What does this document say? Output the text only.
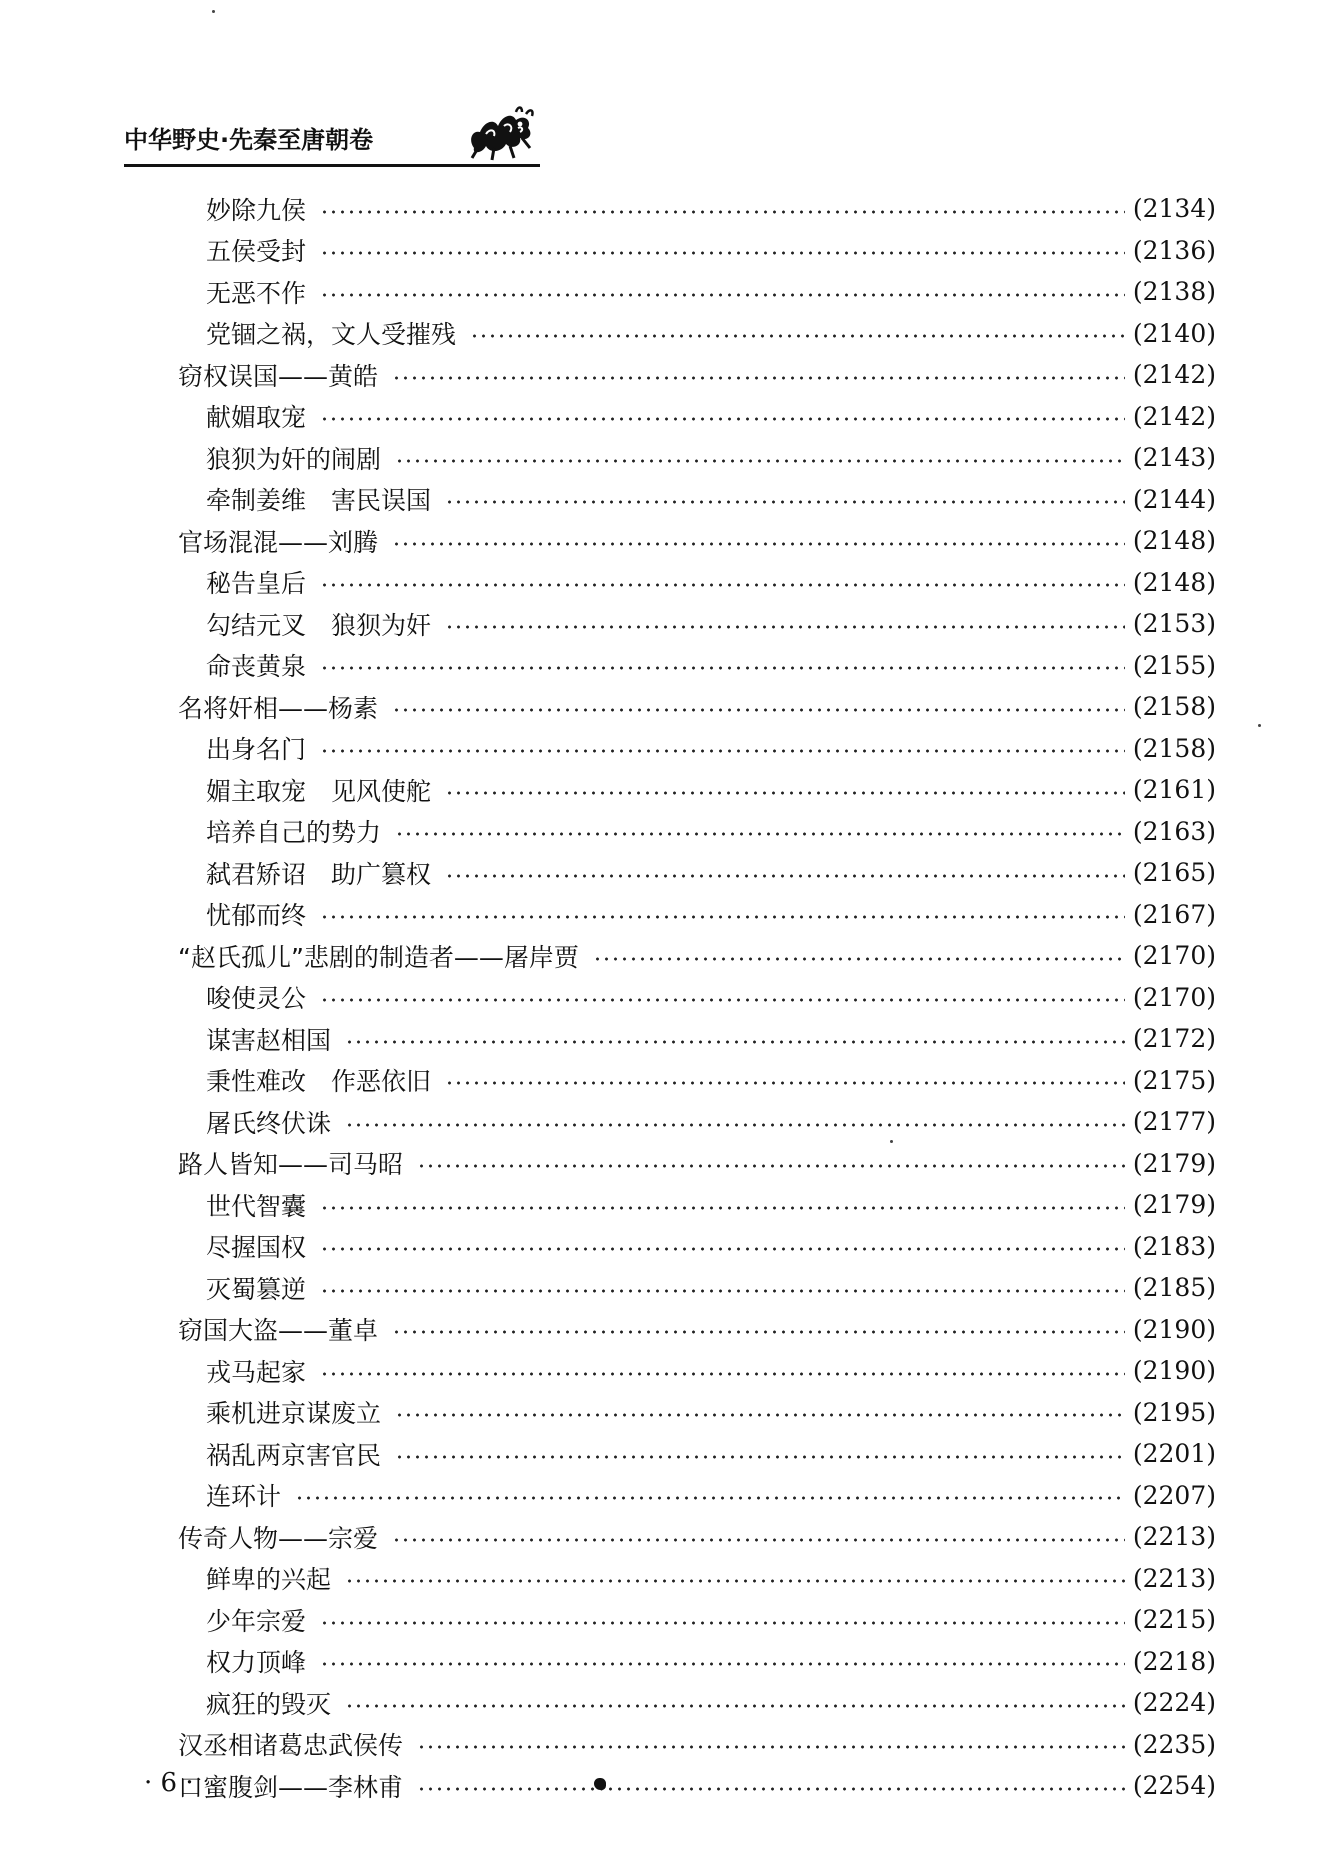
中华野史·先秦至唐朝卷
妙除九侯	(2134)
五侯受封	(2136)
无恶不作	(2138)
党锢之祸，文人受摧残	(2140)
窃权误国——黄皓	(2142)
献媚取宠	(2142)
狼狈为奸的闹剧	(2143)
牵制姜维　害民误国	(2144)
官场混混——刘腾	(2148)
秘告皇后	(2148)
勾结元叉　狼狈为奸	(2153)
命丧黄泉	(2155)
名将奸相——杨素	(2158)
出身名门	(2158)
媚主取宠　见风使舵	(2161)
培养自己的势力	(2163)
弑君矫诏　助广篡权	(2165)
忧郁而终	(2167)
“赵氏孤儿”悲剧的制造者——屠岸贾	(2170)
唆使灵公	(2170)
谋害赵相国	(2172)
秉性难改　作恶依旧	(2175)
屠氏终伏诛	(2177)
路人皆知——司马昭	(2179)
世代智囊	(2179)
尽握国权	(2183)
灭蜀篡逆	(2185)
窃国大盗——董卓	(2190)
戎马起家	(2190)
乘机进京谋废立	(2195)
祸乱两京害官民	(2201)
连环计	(2207)
传奇人物——宗爱	(2213)
鲜卑的兴起	(2213)
少年宗爱	(2215)
权力顶峰	(2218)
疯狂的毁灭	(2224)
汉丞相诸葛忠武侯传	(2235)
口蜜腹剑——李林甫	(2254)
· 6 ·
